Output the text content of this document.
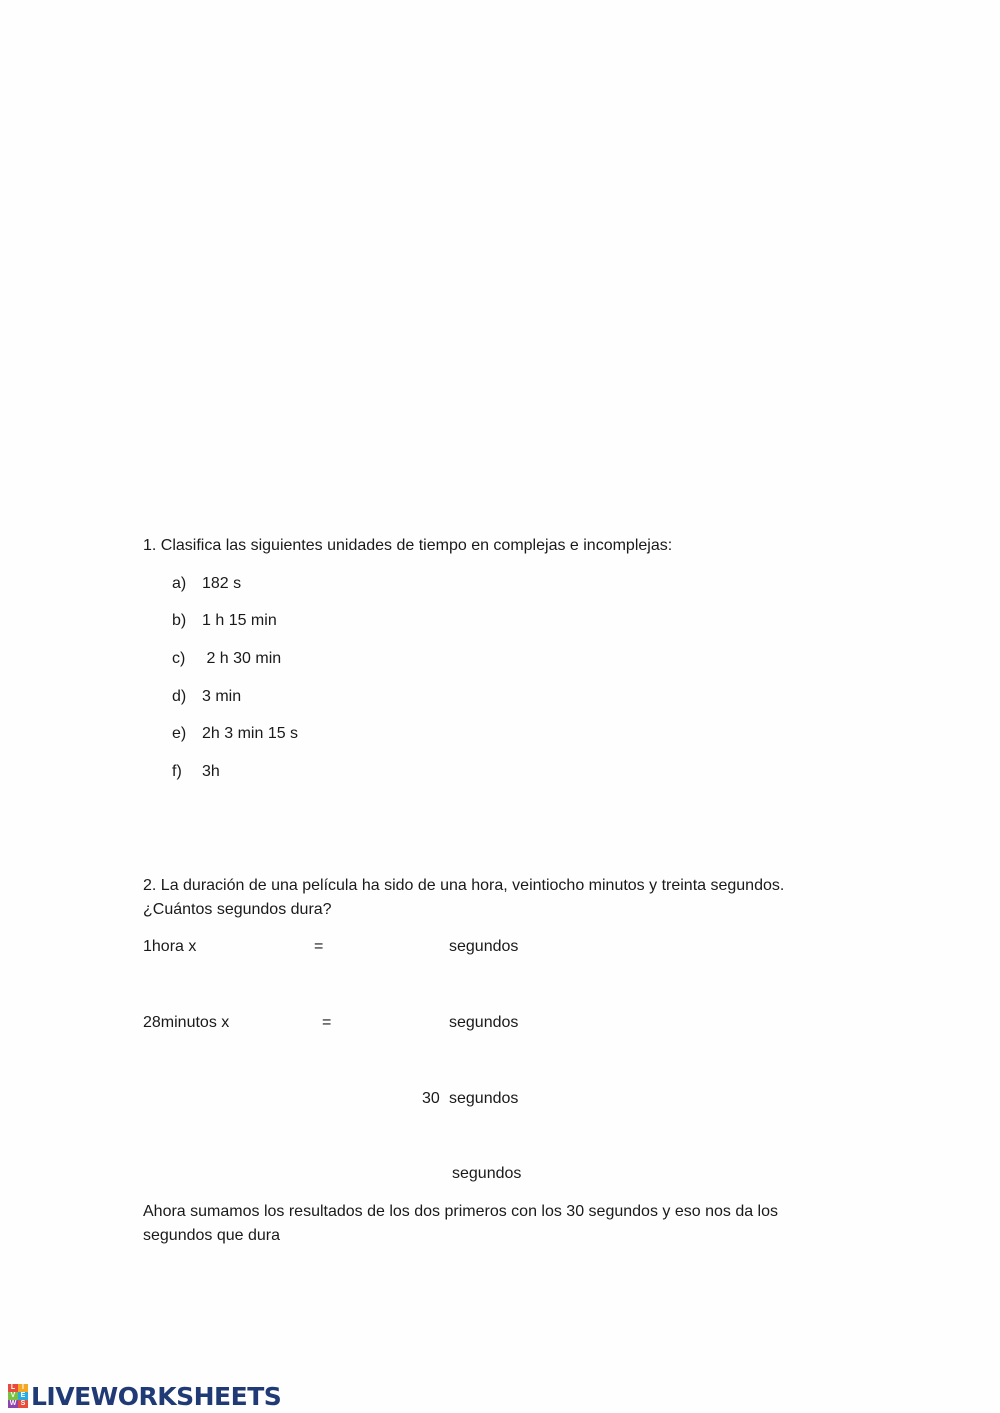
1. Clasifica las siguientes unidades de tiempo en complejas e incomplejas:
a) 182 s
b) 1 h 15 min
c) 2 h 30 min
d) 3 min
e) 2h 3 min 15 s
f) 3h
2. La duración de una película ha sido de una hora, veintiocho minutos y treinta segundos.
¿Cuántos segundos dura?
1hora x	=	segundos
28minutos x	=	segundos
30 segundos
segundos
Ahora sumamos los resultados de los dos primeros con los 30 segundos y eso nos da los
segundos que dura
L I
V E
W S LIVEWORKSHEETS
